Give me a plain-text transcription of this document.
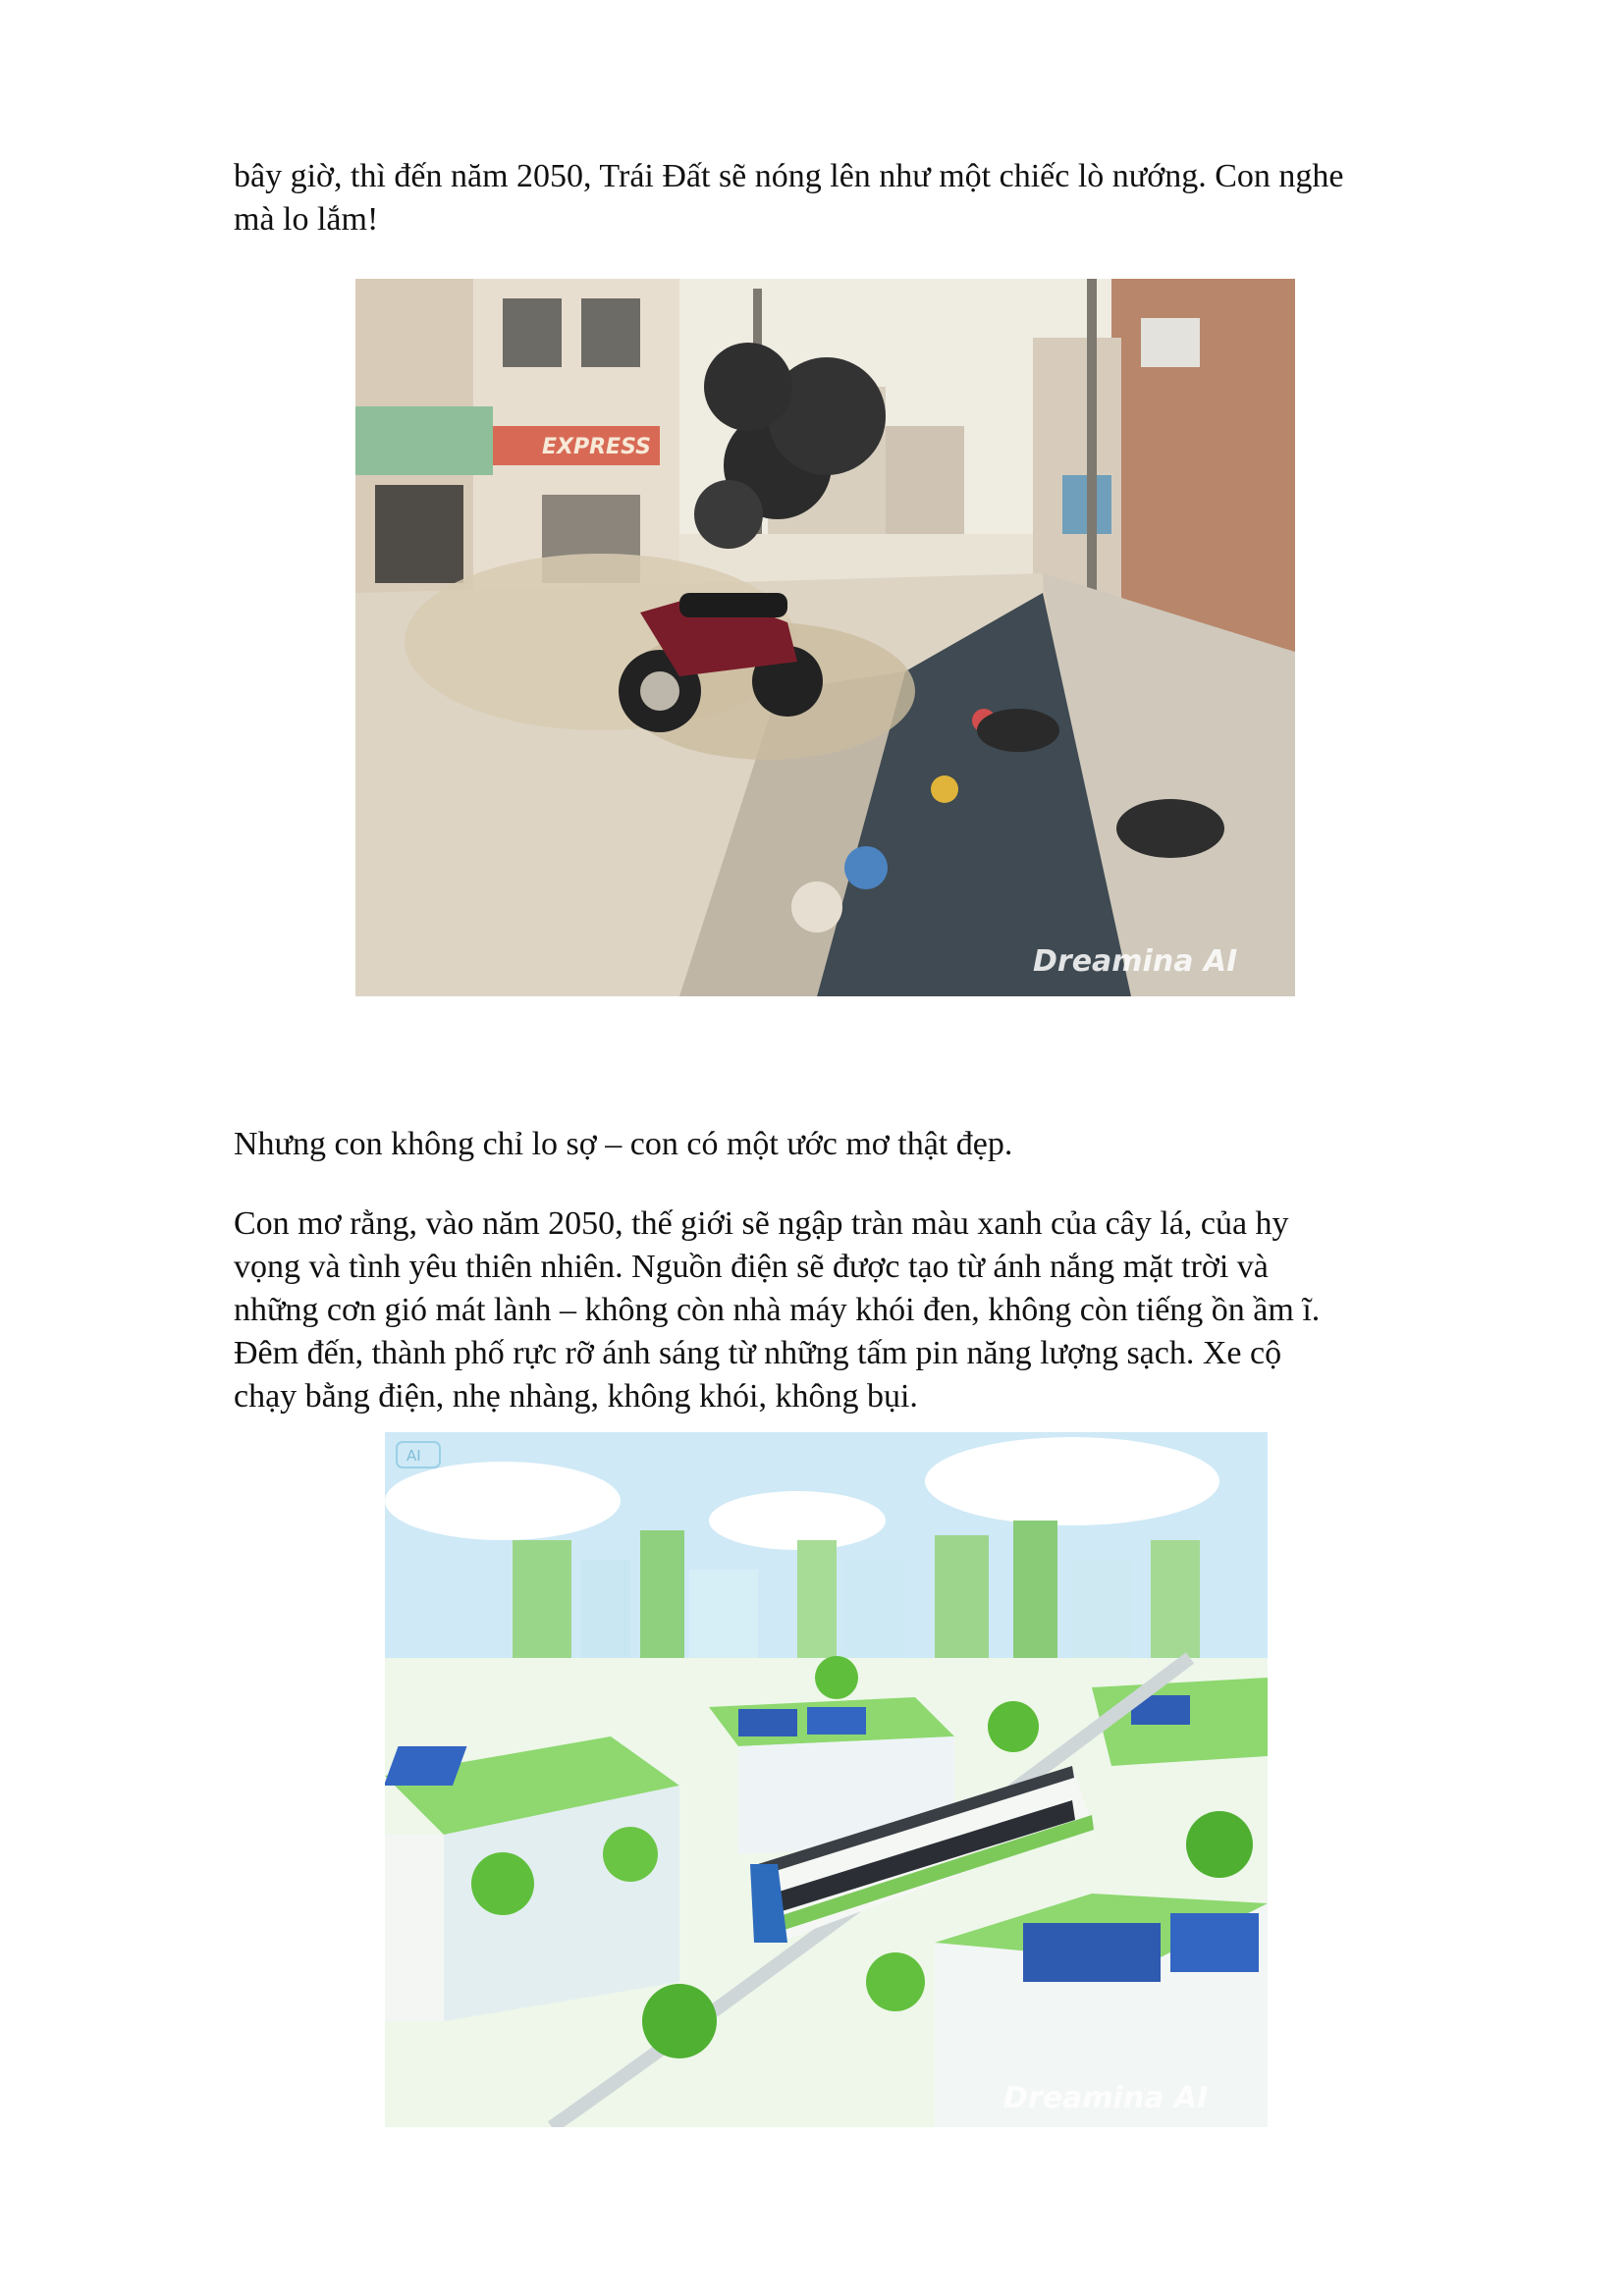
bây giờ, thì đến năm 2050, Trái Đất sẽ nóng lên như một chiếc lò nướng. Con nghe
mà lo lắm!

EXPRESS
Dreamina AI

Nhưng con không chỉ lo sợ – con có một ước mơ thật đẹp.

Con mơ rằng, vào năm 2050, thế giới sẽ ngập tràn màu xanh của cây lá, của hy
vọng và tình yêu thiên nhiên. Nguồn điện sẽ được tạo từ ánh nắng mặt trời và
những cơn gió mát lành – không còn nhà máy khói đen, không còn tiếng ồn ầm ĩ.
Đêm đến, thành phố rực rỡ ánh sáng từ những tấm pin năng lượng sạch. Xe cộ
chạy bằng điện, nhẹ nhàng, không khói, không bụi.

AI
Dreamina AI
